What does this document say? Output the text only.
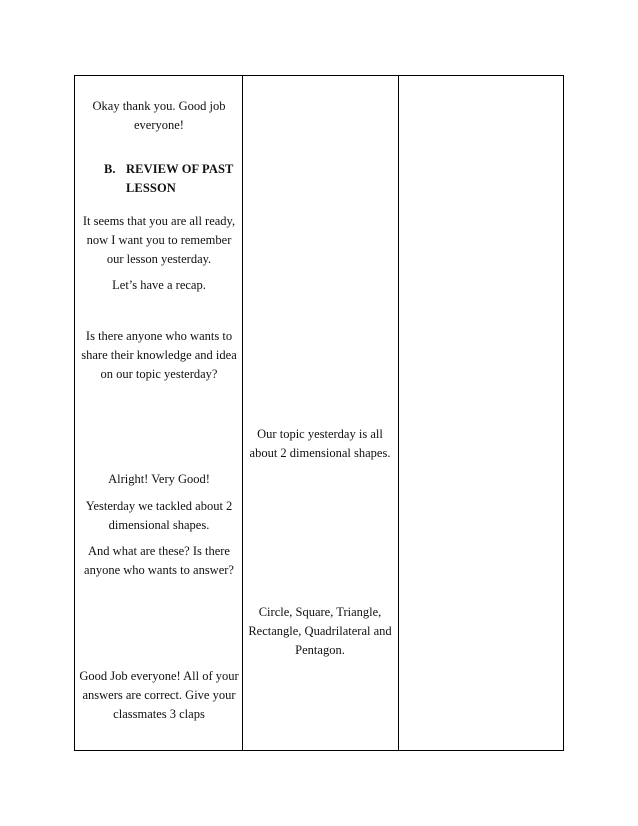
Okay thank you. Good job everyone!
B. REVIEW OF PAST
LESSON
It seems that you are all ready, now I want you to remember our lesson yesterday.
Let’s have a recap.
Is there anyone who wants to share their knowledge and idea on our topic yesterday?
Alright! Very Good!
Yesterday we tackled about 2 dimensional shapes.
And what are these? Is there anyone who wants to answer?
Good Job everyone! All of your answers are correct. Give your classmates 3 claps
Our topic yesterday is all about 2 dimensional shapes.
Circle, Square, Triangle, Rectangle, Quadrilateral and Pentagon.
